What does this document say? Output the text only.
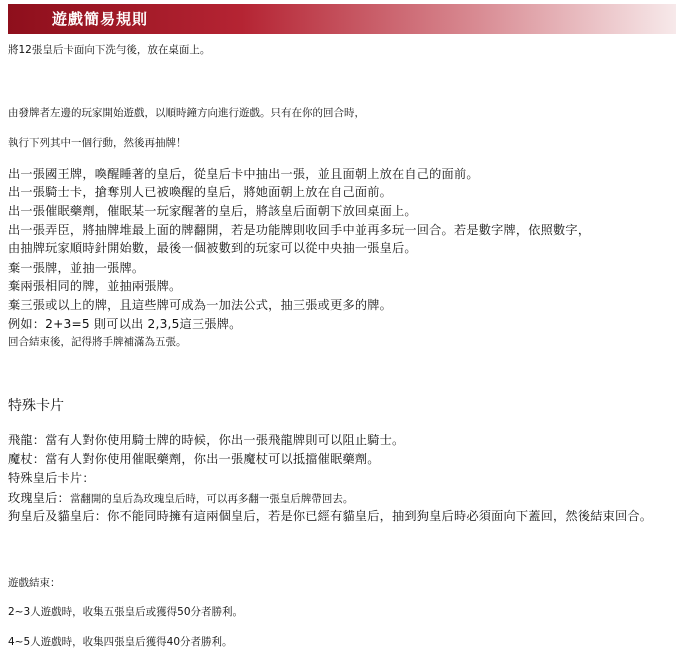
遊戲簡易規則
將12張皇后卡面向下洗勻後，放在桌面上。
由發牌者左邊的玩家開始遊戲，以順時鐘方向進行遊戲。只有在你的回合時，
執行下列其中一個行動，然後再抽牌！
出一張國王牌，喚醒睡著的皇后，從皇后卡中抽出一張，並且面朝上放在自己的面前。
出一張騎士卡，搶奪別人已被喚醒的皇后，將她面朝上放在自己面前。
出一張催眠藥劑，催眠某一玩家醒著的皇后，將該皇后面朝下放回桌面上。
出一張弄臣，將抽牌堆最上面的牌翻開，若是功能牌則收回手中並再多玩一回合。若是數字牌，依照數字，
由抽牌玩家順時針開始數，最後一個被數到的玩家可以從中央抽一張皇后。
棄一張牌，並抽一張牌。
棄兩張相同的牌，並抽兩張牌。
棄三張或以上的牌，且這些牌可成為一加法公式，抽三張或更多的牌。
例如：2+3=5 則可以出 2,3,5這三張牌。
回合結束後，記得將手牌補滿為五張。
特殊卡片
飛龍：當有人對你使用騎士牌的時候，你出一張飛龍牌則可以阻止騎士。
魔杖：當有人對你使用催眠藥劑，你出一張魔杖可以抵擋催眠藥劑。
特殊皇后卡片：
玫瑰皇后：當翻開的皇后為玫瑰皇后時，可以再多翻一張皇后牌帶回去。
狗皇后及貓皇后：你不能同時擁有這兩個皇后，若是你已經有貓皇后，抽到狗皇后時必須面向下蓋回，然後結束回合。
遊戲結束：
2~3人遊戲時，收集五張皇后或獲得50分者勝利。
4~5人遊戲時，收集四張皇后獲得40分者勝利。
